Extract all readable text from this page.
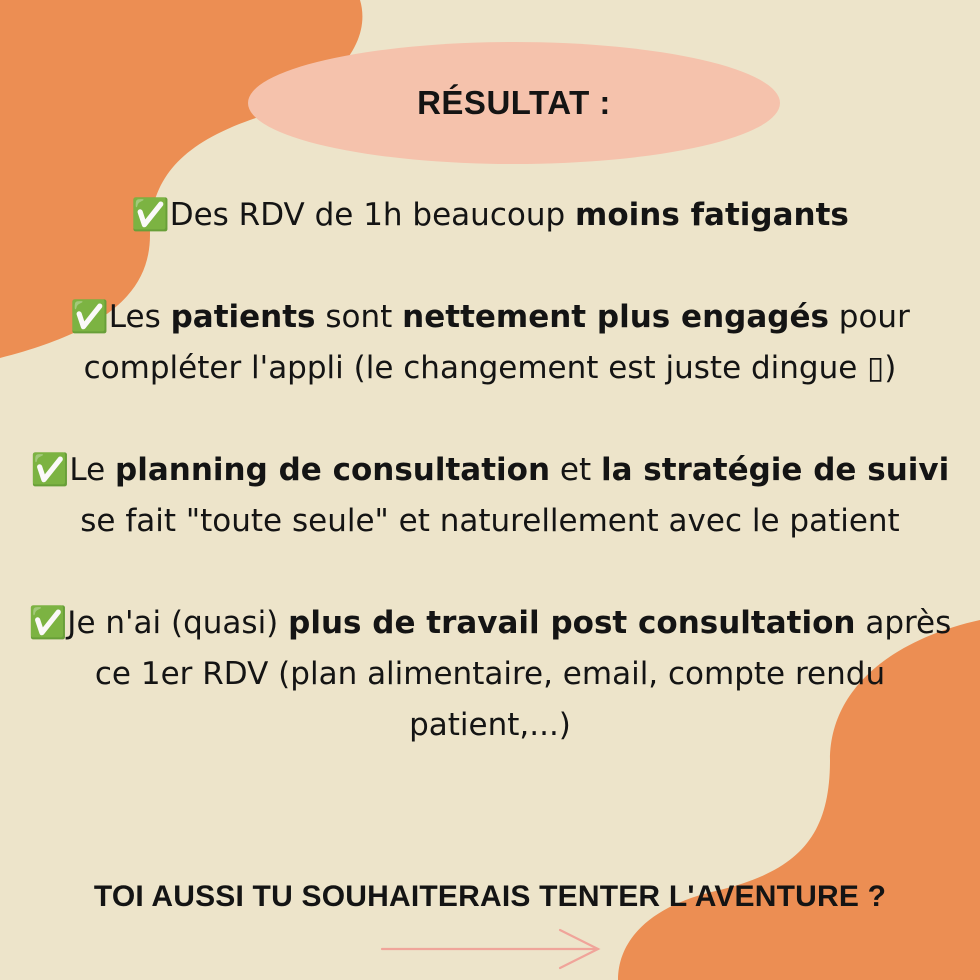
RÉSULTAT :
✅Des RDV de 1h beaucoup moins fatigants
✅Les patients sont nettement plus engagés pour compléter l'appli (le changement est juste dingue ▯)
✅Le planning de consultation et la stratégie de suivi se fait "toute seule" et naturellement avec le patient
✅Je n'ai (quasi) plus de travail post consultation après ce 1er RDV (plan alimentaire, email, compte rendu patient,...)
TOI AUSSI TU SOUHAITERAIS TENTER L'AVENTURE ?
